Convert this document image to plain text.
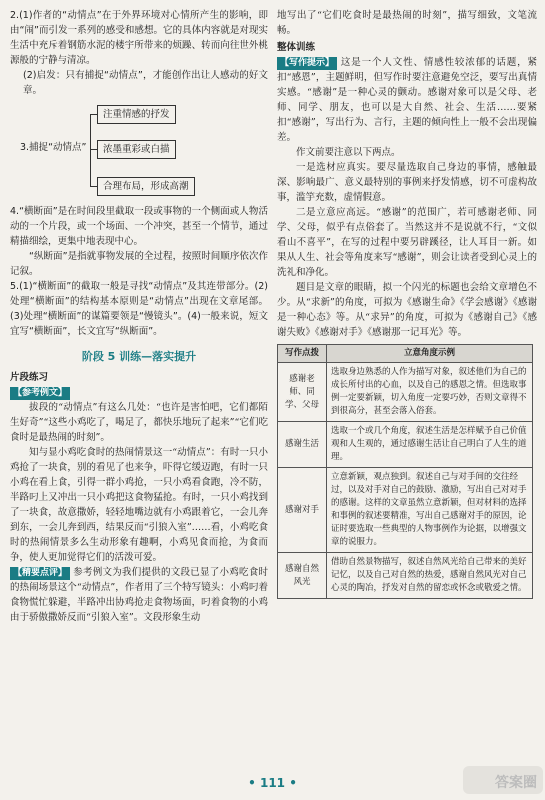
2.(1)作者的“动情点”在于外界环境对心情所产生的影响，即由“闹”而引发一系列的感受和感想。它的具体内容就是对现实生活中充斥着钢筋水泥的楼宇所带来的烦躁、转而向往世外桃源般的宁静与清凉。

(2)启发：只有捕捉“动情点”，才能创作出让人感动的好文章。

3.捕捉“动情点”
注重情感的抒发
浓墨重彩或白描
合理布局，形成高潮

4.“横断面”是在时间段里截取一段或事物的一个侧面或人物活动的一个片段，或一个场面、一个冲突，甚至一个情节，通过精描细绘，更集中地表现中心。

“纵断面”是指就事物发展的全过程，按照时间顺序依次作记叙。

5.(1)“横断面”的截取一般是寻找“动情点”及其连带部分。(2)处理“横断面”的结构基本原则是“动情点”出现在文章尾部。(3)处理“横断面”的谋篇要领是“慢镜头”。(4)一般来说，短文宜写“横断面”，长文宜写“纵断面”。

阶段 5 训练—落实提升
片段练习
【参考例文】

拔段的“动情点”有这么几处：“也许是害怕吧，它们都陌生好奇”“这些小鸡吃了，喝足了，都快乐地玩了起来”“它们吃食时是最热闹的时刻”。

知与显小鸡吃食时的热闹情景这一“动情点”：有时一只小鸡抢了一块食，别的看见了也来争，吓得它缓迈跑，有时一只小鸡在看上食，引得一群小鸡抢，一只小鸡看食跑，冷不防，半路叼上又冲出一只小鸡把这食物猛抢。有时，一只小鸡找到了一块食，故意撒娇，轻轻地嘴边就有小鸡跟着它，一会儿奔到东，一会儿奔到西，结果反而“引狼入室”……看，小鸡吃食时的热闹情景多么生动形象有趣啊，小鸡见食而抢，为食而争，使人更加觉得它们的活泼可爱。

【精要点评】 参考例文为我们提供的文段已显了小鸡吃食时的热闹场景这个“动情点”，作者用了三个特写镜头：小鸡叼着食物慌忙躲避，半路冲出协鸡抢走食物场面，叼着食物的小鸡由于骄傲撒娇反而“引狼入室”。文段形象生动

地写出了“它们吃食时是最热闹的时刻”，描写细致，文笔流畅。

整体训练

【写作提示】 这是一个人文性、情感性较浓郁的话题，紧扣“感恩”，主题鲜明，但写作时要注意避免空泛，要写出真情实感。“感谢”是一种心灵的颤动。感谢对象可以是父母、老师、同学、朋友，也可以是大自然、社会、生活……要紧扣“感谢”，写出行为、言行，主题的倾向性上一般不会出现偏差。

作文前要注意以下两点。

一是选材应真实。要尽量选取自己身边的事情，感触最深、影响最广、意义最特别的事例来抒发情感，切不可虚构故事，滥竽充数，虚情假意。

二是立意应高远。“感谢”的范围广，若可感谢老师、同学、父母，似乎有点俗套了。当然这并不是说就不行，“文似看山不喜平”，在写的过程中要另辟蹊径，让人耳目一新。如果从人生、社会等角度来写“感谢”，则会让读者受到心灵上的洗礼和净化。

题目是文章的眼睛，拟一个闪光的标题也会给文章增色不少。从“求新”的角度，可拟为《感谢生命》《学会感谢》《感谢是一种心态》等。从“求异”的角度，可拟为《感谢自己》《感谢失败》《感谢对手》《感谢那一记耳光》等。

写作点拨	立意角度示例
感谢老师、同学、父母	选取身边熟悉的人作为描写对象，叙述他们为自己的成长所付出的心血，以及自己的感恩之情。但选取事例一定要新颖，切入角度一定要巧妙，否则文章得不到很高分，甚至会落入俗套。
感谢生活	选取一个或几个角度，叙述生活是怎样赋予自己价值观和人生观的，通过感谢生活让自己明白了人生的道理。
感谢对手	立意新颖，观点独到。叙述自己与对手间的交往经过，以及对手对自己的鼓励、激励，写出自己对对手的感谢。这样的文章虽然立意新颖，但对材料的选择和事例的叙述要精准，写出自己感谢对手的原因，论证时要选取一些典型的人物事例作为论据，以增强文章的说服力。
感谢自然风光	借助自然景物描写，叙述自然风光给自己带来的美好记忆，以及自己对自然的热爱，感谢自然风光对自己心灵的陶冶，抒发对自然的留恋或怀念或敬爱之情。
• 111 •	答案圈
